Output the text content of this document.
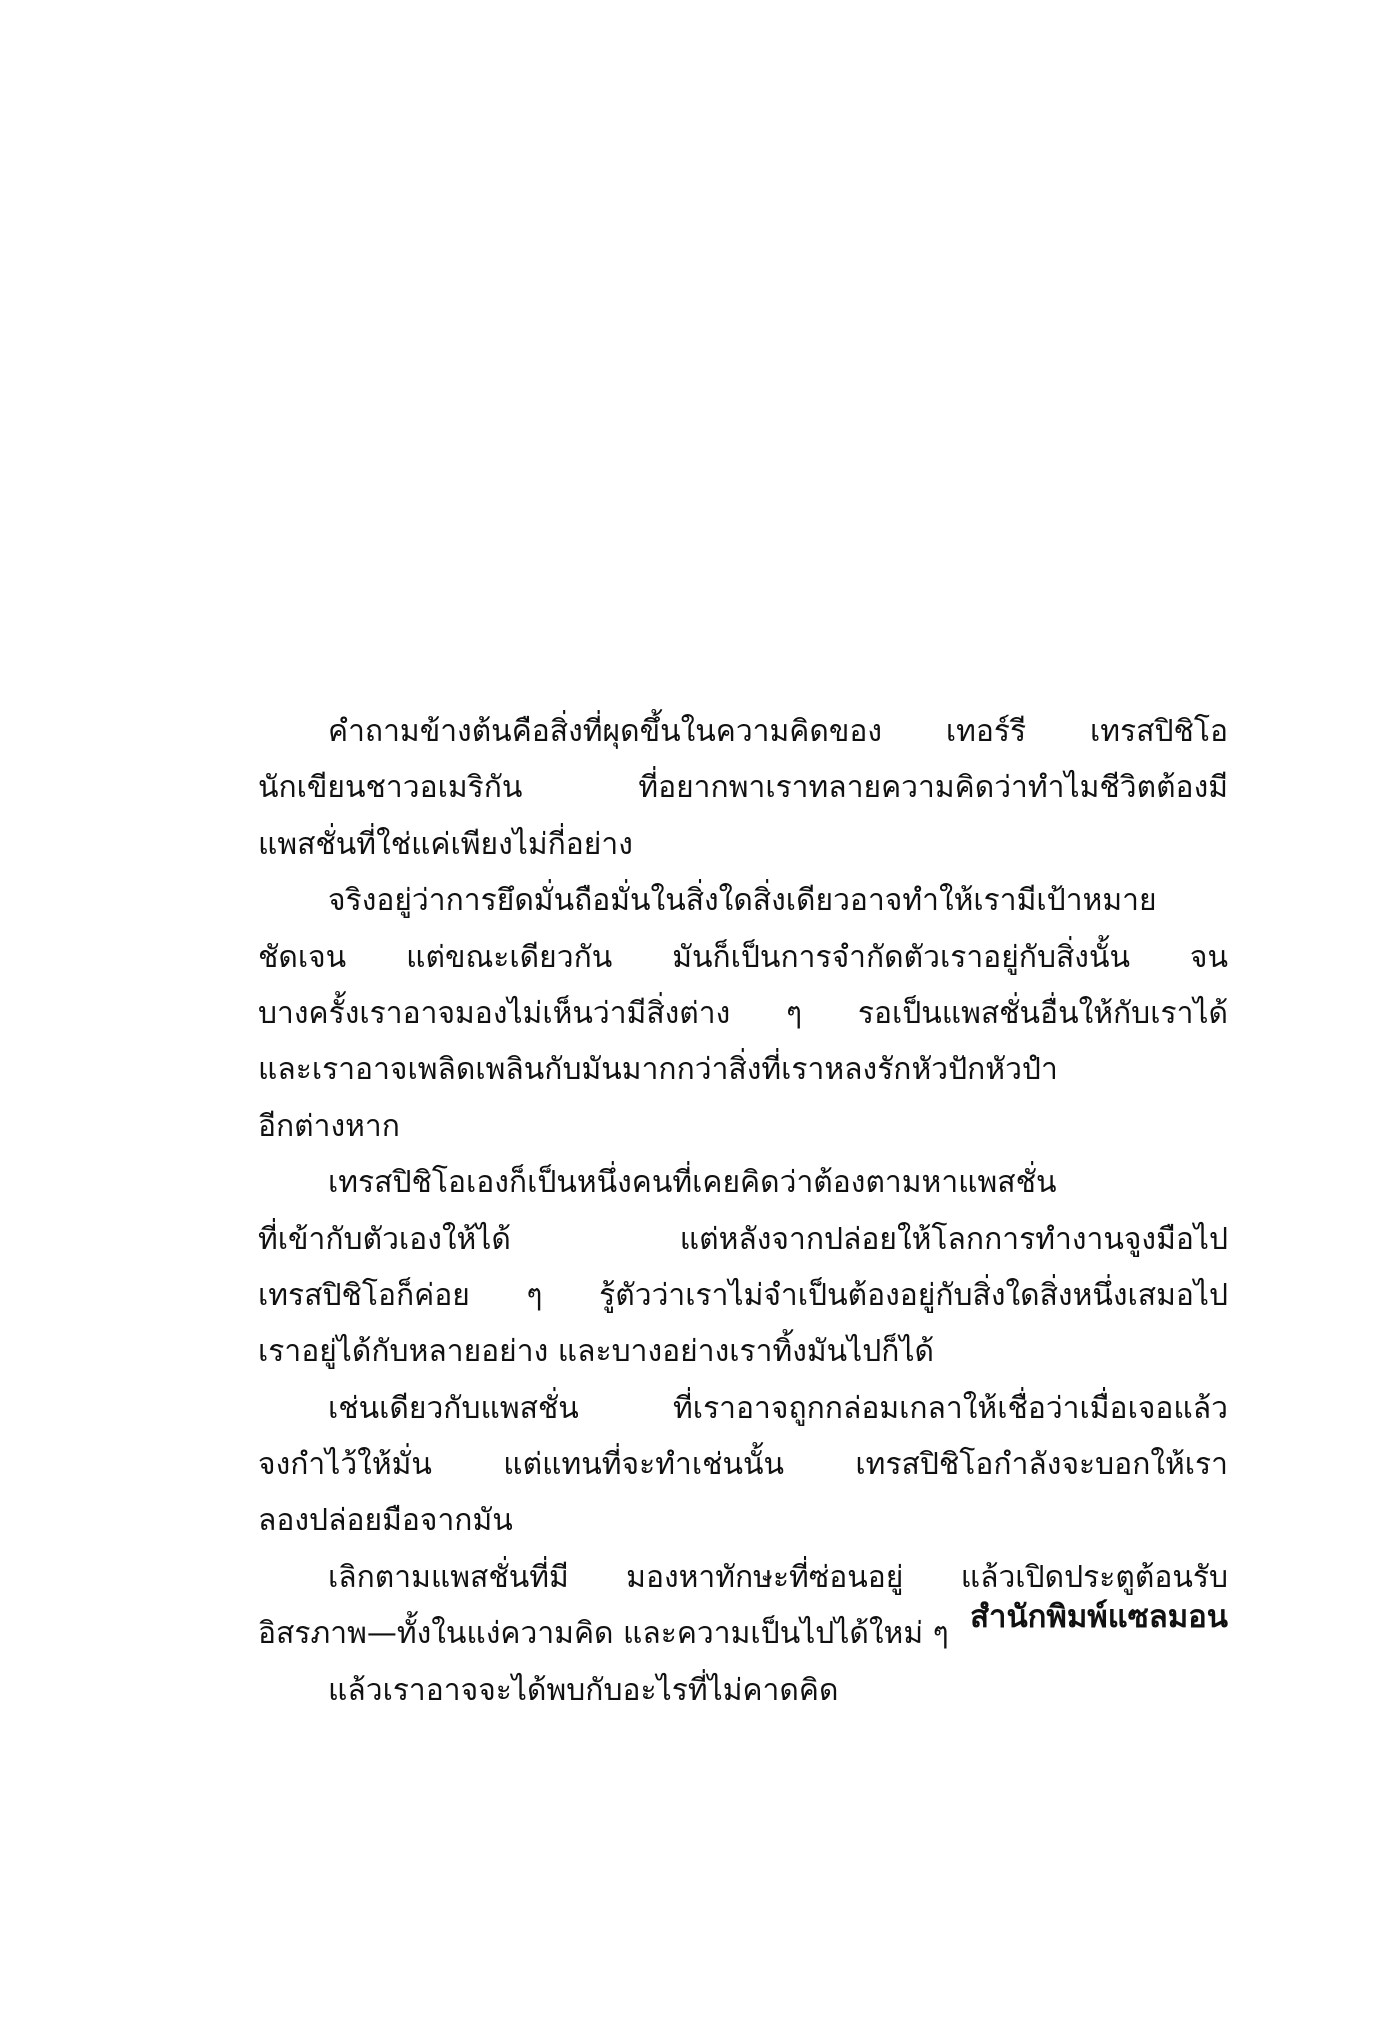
คำถามข้างต้นคือสิ่งที่ผุดขึ้นในความคิดของ เทอร์รี เทรสปิชิโอ
นักเขียนชาวอเมริกัน ที่อยากพาเราทลายความคิดว่าทำไมชีวิตต้องมี
แพสชั่นที่ใช่แค่เพียงไม่กี่อย่าง
จริงอยู่ว่าการยึดมั่นถือมั่นในสิ่งใดสิ่งเดียวอาจทำให้เรามีเป้าหมาย
ชัดเจน แต่ขณะเดียวกัน มันก็เป็นการจำกัดตัวเราอยู่กับสิ่งนั้น จน
บางครั้งเราอาจมองไม่เห็นว่ามีสิ่งต่าง ๆ รอเป็นแพสชั่นอื่นให้กับเราได้
และเราอาจเพลิดเพลินกับมันมากกว่าสิ่งที่เราหลงรักหัวปักหัวปำ
อีกต่างหาก
เทรสปิชิโอเองก็เป็นหนึ่งคนที่เคยคิดว่าต้องตามหาแพสชั่น
ที่เข้ากับตัวเองให้ได้ แต่หลังจากปล่อยให้โลกการทำงานจูงมือไป
เทรสปิชิโอก็ค่อย ๆ รู้ตัวว่าเราไม่จำเป็นต้องอยู่กับสิ่งใดสิ่งหนึ่งเสมอไป
เราอยู่ได้กับหลายอย่าง และบางอย่างเราทิ้งมันไปก็ได้
เช่นเดียวกับแพสชั่น ที่เราอาจถูกกล่อมเกลาให้เชื่อว่าเมื่อเจอแล้ว
จงกำไว้ให้มั่น แต่แทนที่จะทำเช่นนั้น เทรสปิชิโอกำลังจะบอกให้เรา
ลองปล่อยมือจากมัน
เลิกตามแพสชั่นที่มี มองหาทักษะที่ซ่อนอยู่ แล้วเปิดประตูต้อนรับ
อิสรภาพ—ทั้งในแง่ความคิด และความเป็นไปได้ใหม่ ๆ
แล้วเราอาจจะได้พบกับอะไรที่ไม่คาดคิด
สำนักพิมพ์แซลมอน
